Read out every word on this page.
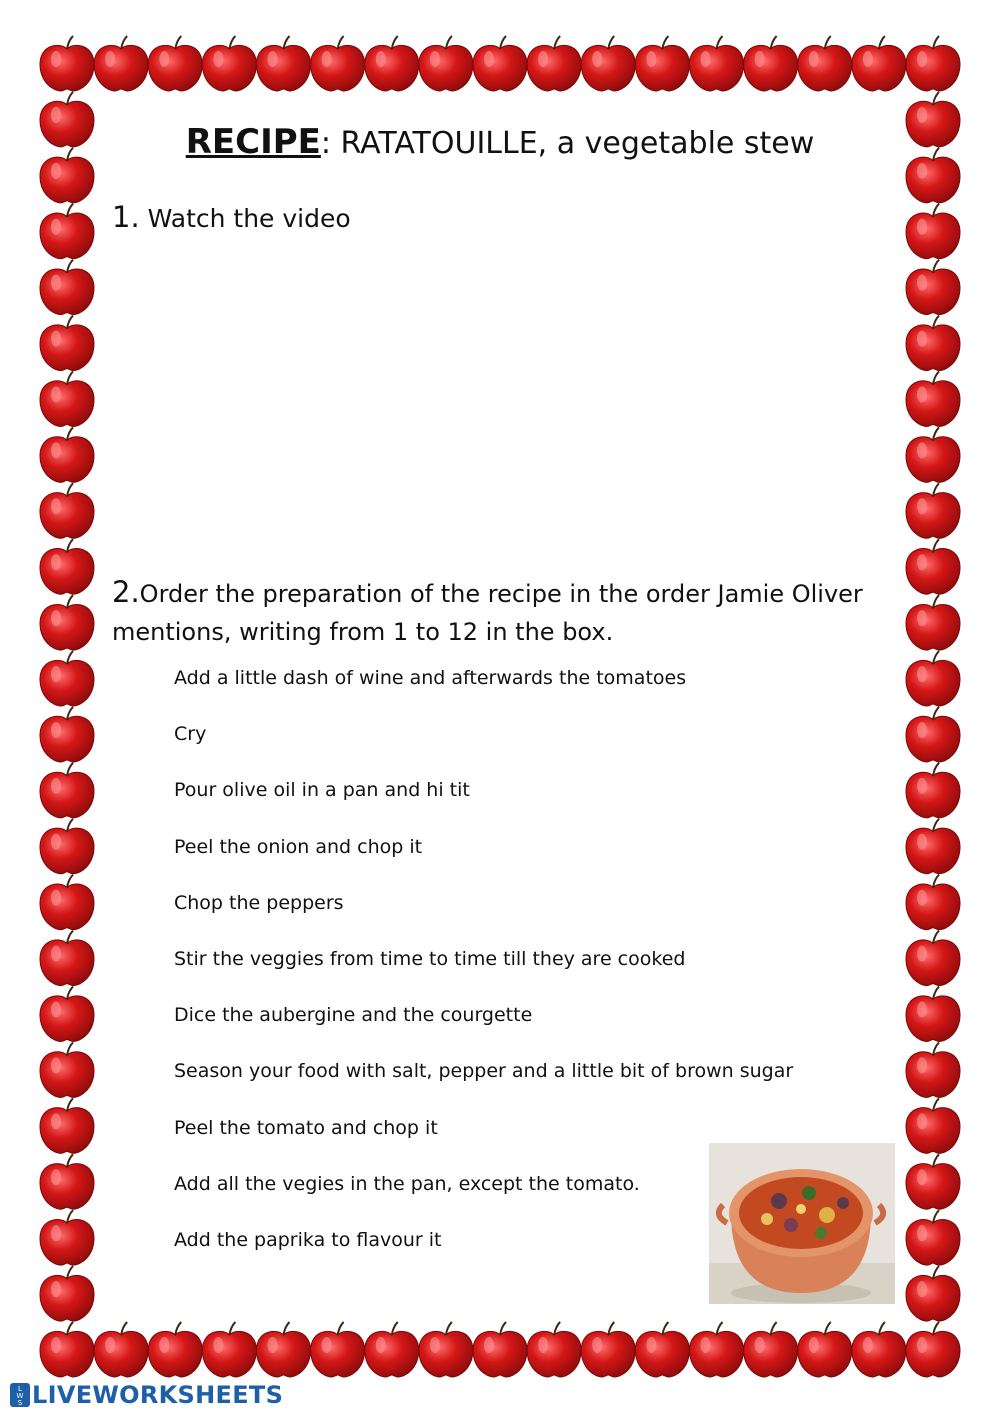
RECIPE: RATATOUILLE, a vegetable stew
1. Watch the video
2.Order the preparation of the recipe in the order Jamie Oliver mentions, writing from 1 to 12 in the box.
Add a little dash of wine and afterwards the tomatoes
Cry
Pour olive oil in a pan and hi tit
Peel the onion and chop it
Chop the peppers
Stir the veggies from time to time till they are cooked
Dice the aubergine and the courgette
Season your food with salt, pepper and a little bit of brown sugar
Peel the tomato and chop it
Add all the vegies in the pan, except the tomato.
Add the paprika to flavour it
L
W
S LIVEWORKSHEETS
